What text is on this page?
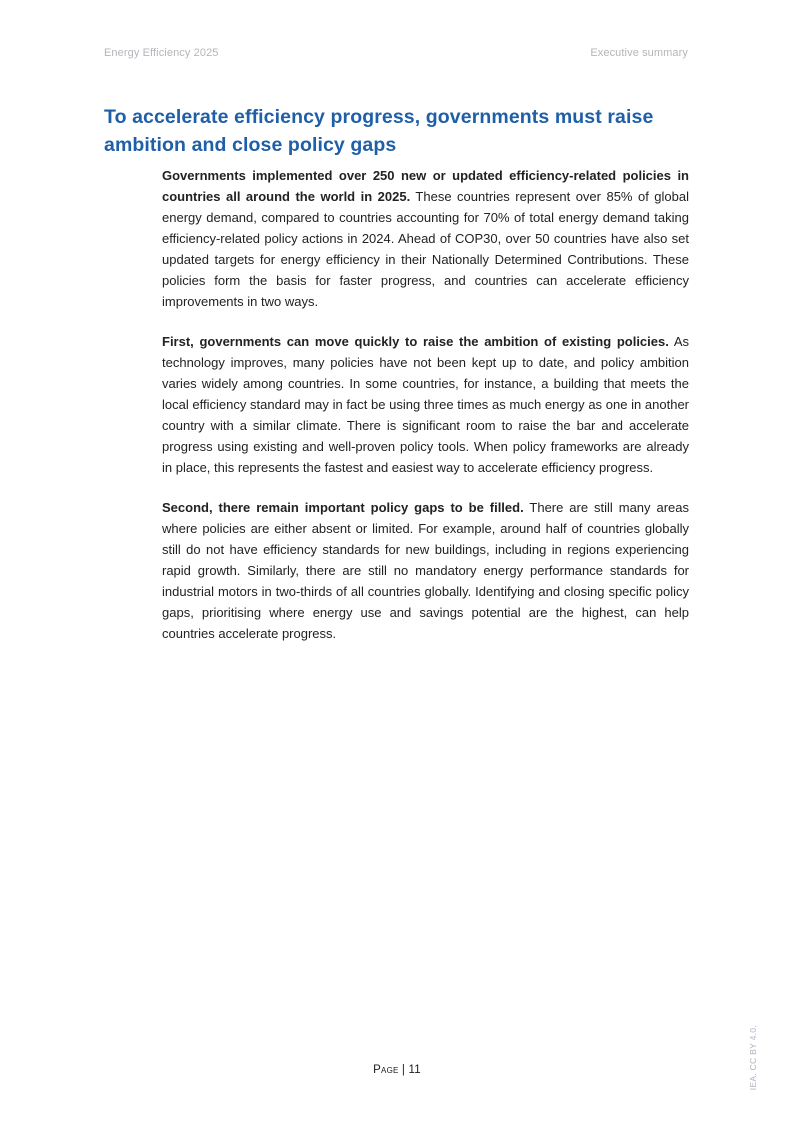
Energy Efficiency 2025	Executive summary
To accelerate efficiency progress, governments must raise ambition and close policy gaps

Governments implemented over 250 new or updated efficiency-related policies in countries all around the world in 2025. These countries represent over 85% of global energy demand, compared to countries accounting for 70% of total energy demand taking efficiency-related policy actions in 2024. Ahead of COP30, over 50 countries have also set updated targets for energy efficiency in their Nationally Determined Contributions. These policies form the basis for faster progress, and countries can accelerate efficiency improvements in two ways.

First, governments can move quickly to raise the ambition of existing policies. As technology improves, many policies have not been kept up to date, and policy ambition varies widely among countries. In some countries, for instance, a building that meets the local efficiency standard may in fact be using three times as much energy as one in another country with a similar climate. There is significant room to raise the bar and accelerate progress using existing and well-proven policy tools. When policy frameworks are already in place, this represents the fastest and easiest way to accelerate efficiency progress.

Second, there remain important policy gaps to be filled. There are still many areas where policies are either absent or limited. For example, around half of countries globally still do not have efficiency standards for new buildings, including in regions experiencing rapid growth. Similarly, there are still no mandatory energy performance standards for industrial motors in two-thirds of all countries globally. Identifying and closing specific policy gaps, prioritising where energy use and savings potential are the highest, can help countries accelerate progress.

Page | 11	IEA. CC BY 4.0.
